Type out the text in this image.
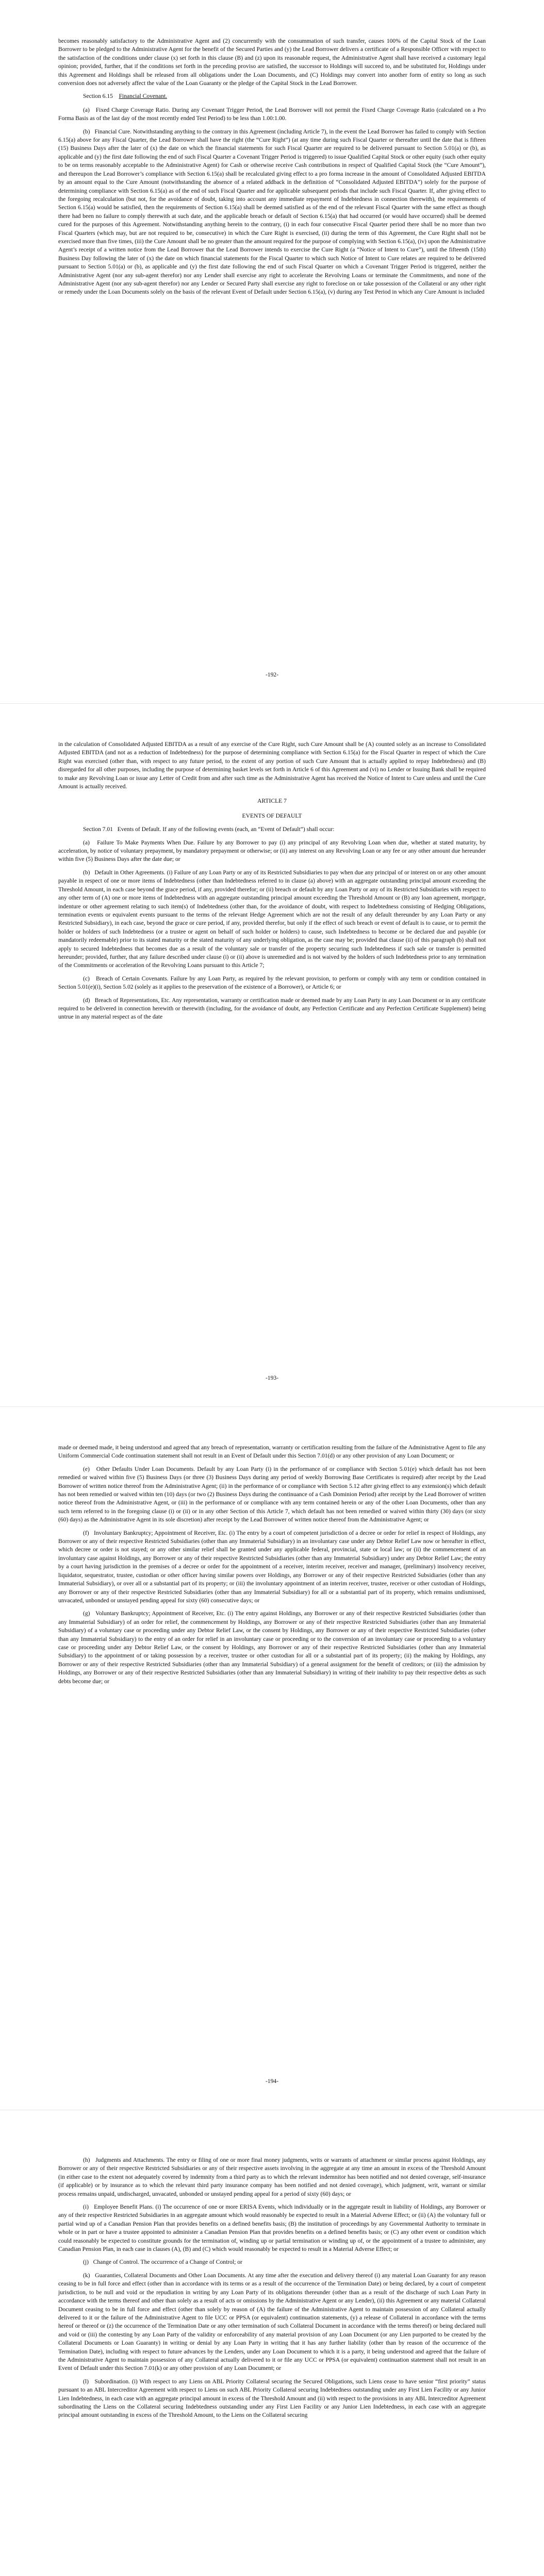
becomes reasonably satisfactory to the Administrative Agent and (2) concurrently with the consummation of such transfer, causes 100% of the Capital Stock of the Loan Borrower to be pledged to the Administrative Agent for the benefit of the Secured Parties and (y) the Lead Borrower delivers a certificate of a Responsible Officer with respect to the satisfaction of the conditions under clause (x) set forth in this clause (B) and (z) upon its reasonable request, the Administrative Agent shall have received a customary legal opinion; provided, further, that if the conditions set forth in the preceding proviso are satisfied, the successor to Holdings will succeed to, and be substituted for, Holdings under this Agreement and Holdings shall be released from all obligations under the Loan Documents, and (C) Holdings may convert into another form of entity so long as such conversion does not adversely affect the value of the Loan Guaranty or the pledge of the Capital Stock in the Lead Borrower.

Section 6.15 Financial Covenant.

(a)   Fixed Charge Coverage Ratio. During any Covenant Trigger Period, the Lead Borrower will not permit the Fixed Charge Coverage Ratio (calculated on a Pro Forma Basis as of the last day of the most recently ended Test Period) to be less than 1.00:1.00.

(b)   Financial Cure. Notwithstanding anything to the contrary in this Agreement (including Article 7), in the event the Lead Borrower has failed to comply with Section 6.15(a) above for any Fiscal Quarter, the Lead Borrower shall have the right (the “Cure Right”) (at any time during such Fiscal Quarter or thereafter until the date that is fifteen (15) Business Days after the later of (x) the date on which the financial statements for such Fiscal Quarter are required to be delivered pursuant to Section 5.01(a) or (b), as applicable and (y) the first date following the end of such Fiscal Quarter a Covenant Trigger Period is triggered) to issue Qualified Capital Stock or other equity (such other equity to be on terms reasonably acceptable to the Administrative Agent) for Cash or otherwise receive Cash contributions in respect of Qualified Capital Stock (the “Cure Amount”), and thereupon the Lead Borrower’s compliance with Section 6.15(a) shall be recalculated giving effect to a pro forma increase in the amount of Consolidated Adjusted EBITDA by an amount equal to the Cure Amount (notwithstanding the absence of a related addback in the definition of “Consolidated Adjusted EBITDA”) solely for the purpose of determining compliance with Section 6.15(a) as of the end of such Fiscal Quarter and for applicable subsequent periods that include such Fiscal Quarter. If, after giving effect to the foregoing recalculation (but not, for the avoidance of doubt, taking into account any immediate repayment of Indebtedness in connection therewith), the requirements of Section 6.15(a) would be satisfied, then the requirements of Section 6.15(a) shall be deemed satisfied as of the end of the relevant Fiscal Quarter with the same effect as though there had been no failure to comply therewith at such date, and the applicable breach or default of Section 6.15(a) that had occurred (or would have occurred) shall be deemed cured for the purposes of this Agreement. Notwithstanding anything herein to the contrary, (i) in each four consecutive Fiscal Quarter period there shall be no more than two Fiscal Quarters (which may, but are not required to be, consecutive) in which the Cure Right is exercised, (ii) during the term of this Agreement, the Cure Right shall not be exercised more than five times, (iii) the Cure Amount shall be no greater than the amount required for the purpose of complying with Section 6.15(a), (iv) upon the Administrative Agent’s receipt of a written notice from the Lead Borrower that the Lead Borrower intends to exercise the Cure Right (a “Notice of Intent to Cure”), until the fifteenth (15th) Business Day following the later of (x) the date on which financial statements for the Fiscal Quarter to which such Notice of Intent to Cure relates are required to be delivered pursuant to Section 5.01(a) or (b), as applicable and (y) the first date following the end of such Fiscal Quarter on which a Covenant Trigger Period is triggered, neither the Administrative Agent (nor any sub-agent therefor) nor any Lender shall exercise any right to accelerate the Revolving Loans or terminate the Commitments, and none of the Administrative Agent (nor any sub-agent therefor) nor any Lender or Secured Party shall exercise any right to foreclose on or take possession of the Collateral or any other right or remedy under the Loan Documents solely on the basis of the relevant Event of Default under Section 6.15(a), (v) during any Test Period in which any Cure Amount is included

-192-

in the calculation of Consolidated Adjusted EBITDA as a result of any exercise of the Cure Right, such Cure Amount shall be (A) counted solely as an increase to Consolidated Adjusted EBITDA (and not as a reduction of Indebtedness) for the purpose of determining compliance with Section 6.15(a) for the Fiscal Quarter in respect of which the Cure Right was exercised (other than, with respect to any future period, to the extent of any portion of such Cure Amount that is actually applied to repay Indebtedness) and (B) disregarded for all other purposes, including the purpose of determining basket levels set forth in Article 6 of this Agreement and (vi) no Lender or Issuing Bank shall be required to make any Revolving Loan or issue any Letter of Credit from and after such time as the Administrative Agent has received the Notice of Intent to Cure unless and until the Cure Amount is actually received.

ARTICLE 7
EVENTS OF DEFAULT

Section 7.01   Events of Default. If any of the following events (each, an “Event of Default”) shall occur:

(a)   Failure To Make Payments When Due. Failure by any Borrower to pay (i) any principal of any Revolving Loan when due, whether at stated maturity, by acceleration, by notice of voluntary prepayment, by mandatory prepayment or otherwise; or (ii) any interest on any Revolving Loan or any fee or any other amount due hereunder within five (5) Business Days after the date due; or

(b)   Default in Other Agreements. (i) Failure of any Loan Party or any of its Restricted Subsidiaries to pay when due any principal of or interest on or any other amount payable in respect of one or more items of Indebtedness (other than Indebtedness referred to in clause (a) above) with an aggregate outstanding principal amount exceeding the Threshold Amount, in each case beyond the grace period, if any, provided therefor; or (ii) breach or default by any Loan Party or any of its Restricted Subsidiaries with respect to any other term of (A) one or more items of Indebtedness with an aggregate outstanding principal amount exceeding the Threshold Amount or (B) any loan agreement, mortgage, indenture or other agreement relating to such item(s) of Indebtedness (other than, for the avoidance of doubt, with respect to Indebtedness consisting of Hedging Obligations, termination events or equivalent events pursuant to the terms of the relevant Hedge Agreement which are not the result of any default thereunder by any Loan Party or any Restricted Subsidiary), in each case, beyond the grace or cure period, if any, provided therefor, but only if the effect of such breach or event of default is to cause, or to permit the holder or holders of such Indebtedness (or a trustee or agent on behalf of such holder or holders) to cause, such Indebtedness to become or be declared due and payable (or mandatorily redeemable) prior to its stated maturity or the stated maturity of any underlying obligation, as the case may be; provided that clause (ii) of this paragraph (b) shall not apply to secured Indebtedness that becomes due as a result of the voluntary sale or transfer of the property securing such Indebtedness if such sale or transfer is permitted hereunder; provided, further, that any failure described under clause (i) or (ii) above is unremedied and is not waived by the holders of such Indebtedness prior to any termination of the Commitments or acceleration of the Revolving Loans pursuant to this Article 7;

(c)   Breach of Certain Covenants. Failure by any Loan Party, as required by the relevant provision, to perform or comply with any term or condition contained in Section 5.01(e)(i), Section 5.02 (solely as it applies to the preservation of the existence of a Borrower), or Article 6; or

(d)   Breach of Representations, Etc. Any representation, warranty or certification made or deemed made by any Loan Party in any Loan Document or in any certificate required to be delivered in connection herewith or therewith (including, for the avoidance of doubt, any Perfection Certificate and any Perfection Certificate Supplement) being untrue in any material respect as of the date

-193-

made or deemed made, it being understood and agreed that any breach of representation, warranty or certification resulting from the failure of the Administrative Agent to file any Uniform Commercial Code continuation statement shall not result in an Event of Default under this Section 7.01(d) or any other provision of any Loan Document; or

(e)   Other Defaults Under Loan Documents. Default by any Loan Party (i) in the performance of or compliance with Section 5.01(e) which default has not been remedied or waived within five (5) Business Days (or three (3) Business Days during any period of weekly Borrowing Base Certificates is required) after receipt by the Lead Borrower of written notice thereof from the Administrative Agent; (ii) in the performance of or compliance with Section 5.12 after giving effect to any extension(s) which default has not been remedied or waived within ten (10) days (or two (2) Business Days during the continuance of a Cash Dominion Period) after receipt by the Lead Borrower of written notice thereof from the Administrative Agent, or (iii) in the performance of or compliance with any term contained herein or any of the other Loan Documents, other than any such term referred to in the foregoing clause (i) or (ii) or in any other Section of this Article 7, which default has not been remedied or waived within thirty (30) days (or sixty (60) days) as the Administrative Agent in its sole discretion) after receipt by the Lead Borrower of written notice thereof from the Administrative Agent; or

(f)   Involuntary Bankruptcy; Appointment of Receiver, Etc. (i) The entry by a court of competent jurisdiction of a decree or order for relief in respect of Holdings, any Borrower or any of their respective Restricted Subsidiaries (other than any Immaterial Subsidiary) in an involuntary case under any Debtor Relief Law now or hereafter in effect, which decree or order is not stayed; or any other similar relief shall be granted under any applicable federal, provincial, state or local law; or (ii) the commencement of an involuntary case against Holdings, any Borrower or any of their respective Restricted Subsidiaries (other than any Immaterial Subsidiary) under any Debtor Relief Law; the entry by a court having jurisdiction in the premises of a decree or order for the appointment of a receiver, interim receiver, receiver and manager, (preliminary) insolvency receiver, liquidator, sequestrator, trustee, custodian or other officer having similar powers over Holdings, any Borrower or any of their respective Restricted Subsidiaries (other than any Immaterial Subsidiary), or over all or a substantial part of its property; or (iii) the involuntary appointment of an interim receiver, trustee, receiver or other custodian of Holdings, any Borrower or any of their respective Restricted Subsidiaries (other than any Immaterial Subsidiary) for all or a substantial part of its property, which remains undismissed, unvacated, unbonded or unstayed pending appeal for sixty (60) consecutive days; or

(g)   Voluntary Bankruptcy; Appointment of Receiver, Etc. (i) The entry against Holdings, any Borrower or any of their respective Restricted Subsidiaries (other than any Immaterial Subsidiary) of an order for relief, the commencement by Holdings, any Borrower or any of their respective Restricted Subsidiaries (other than any Immaterial Subsidiary) of a voluntary case or proceeding under any Debtor Relief Law, or the consent by Holdings, any Borrower or any of their respective Restricted Subsidiaries (other than any Immaterial Subsidiary) to the entry of an order for relief in an involuntary case or proceeding or to the conversion of an involuntary case or proceeding to a voluntary case or proceeding under any Debtor Relief Law, or the consent by Holdings, any Borrower or any of their respective Restricted Subsidiaries (other than any Immaterial Subsidiary) to the appointment of or taking possession by a receiver, trustee or other custodian for all or a substantial part of its property; (ii) the making by Holdings, any Borrower or any of their respective Restricted Subsidiaries (other than any Immaterial Subsidiary) of a general assignment for the benefit of creditors; or (iii) the admission by Holdings, any Borrower or any of their respective Restricted Subsidiaries (other than any Immaterial Subsidiary) in writing of their inability to pay their respective debts as such debts become due; or

-194-

(h)   Judgments and Attachments. The entry or filing of one or more final money judgments, writs or warrants of attachment or similar process against Holdings, any Borrower or any of their respective Restricted Subsidiaries or any of their respective assets involving in the aggregate at any time an amount in excess of the Threshold Amount (in either case to the extent not adequately covered by indemnity from a third party as to which the relevant indemnitor has been notified and not denied coverage, self-insurance (if applicable) or by insurance as to which the relevant third party insurance company has been notified and not denied coverage), which judgment, writ, warrant or similar process remains unpaid, undischarged, unvacated, unbonded or unstayed pending appeal for a period of sixty (60) days; or

(i)   Employee Benefit Plans. (i) The occurrence of one or more ERISA Events, which individually or in the aggregate result in liability of Holdings, any Borrower or any of their respective Restricted Subsidiaries in an aggregate amount which would reasonably be expected to result in a Material Adverse Effect; or (ii) (A) the voluntary full or partial wind up of a Canadian Pension Plan that provides benefits on a defined benefits basis; (B) the institution of proceedings by any Governmental Authority to terminate in whole or in part or have a trustee appointed to administer a Canadian Pension Plan that provides benefits on a defined benefits basis; or (C) any other event or condition which could reasonably be expected to constitute grounds for the termination of, winding up or partial termination or winding up of, or the appointment of a trustee to administer, any Canadian Pension Plan, in each case in clauses (A), (B) and (C) which would reasonably be expected to result in a Material Adverse Effect; or

(j)   Change of Control. The occurrence of a Change of Control; or

(k)   Guaranties, Collateral Documents and Other Loan Documents. At any time after the execution and delivery thereof (i) any material Loan Guaranty for any reason ceasing to be in full force and effect (other than in accordance with its terms or as a result of the occurrence of the Termination Date) or being declared, by a court of competent jurisdiction, to be null and void or the repudiation in writing by any Loan Party of its obligations thereunder (other than as a result of the discharge of such Loan Party in accordance with the terms thereof and other than solely as a result of acts or omissions by the Administrative Agent or any Lender), (ii) this Agreement or any material Collateral Document ceasing to be in full force and effect (other than solely by reason of (A) the failure of the Administrative Agent to maintain possession of any Collateral actually delivered to it or the failure of the Administrative Agent to file UCC or PPSA (or equivalent) continuation statements, (y) a release of Collateral in accordance with the terms hereof or thereof or (z) the occurrence of the Termination Date or any other termination of such Collateral Document in accordance with the terms thereof) or being declared null and void or (iii) the contesting by any Loan Party of the validity or enforceability of any material provision of any Loan Document (or any Lien purported to be created by the Collateral Documents or Loan Guaranty) in writing or denial by any Loan Party in writing that it has any further liability (other than by reason of the occurrence of the Termination Date), including with respect to future advances by the Lenders, under any Loan Document to which it is a party, it being understood and agreed that the failure of the Administrative Agent to maintain possession of any Collateral actually delivered to it or file any UCC or PPSA (or equivalent) continuation statement shall not result in an Event of Default under this Section 7.01(k) or any other provision of any Loan Document; or

(l)   Subordination. (i) With respect to any Liens on ABL Priority Collateral securing the Secured Obligations, such Liens cease to have senior “first priority” status pursuant to an ABL Intercreditor Agreement with respect to Liens on such ABL Priority Collateral securing Indebtedness outstanding under any First Lien Facility or any Junior Lien Indebtedness, in each case with an aggregate principal amount in excess of the Threshold Amount and (ii) with respect to the provisions in any ABL Intercreditor Agreement subordinating the Liens on the Collateral securing Indebtedness outstanding under any First Lien Facility or any Junior Lien Indebtedness, in each case with an aggregate principal amount outstanding in excess of the Threshold Amount, to the Liens on the Collateral securing
